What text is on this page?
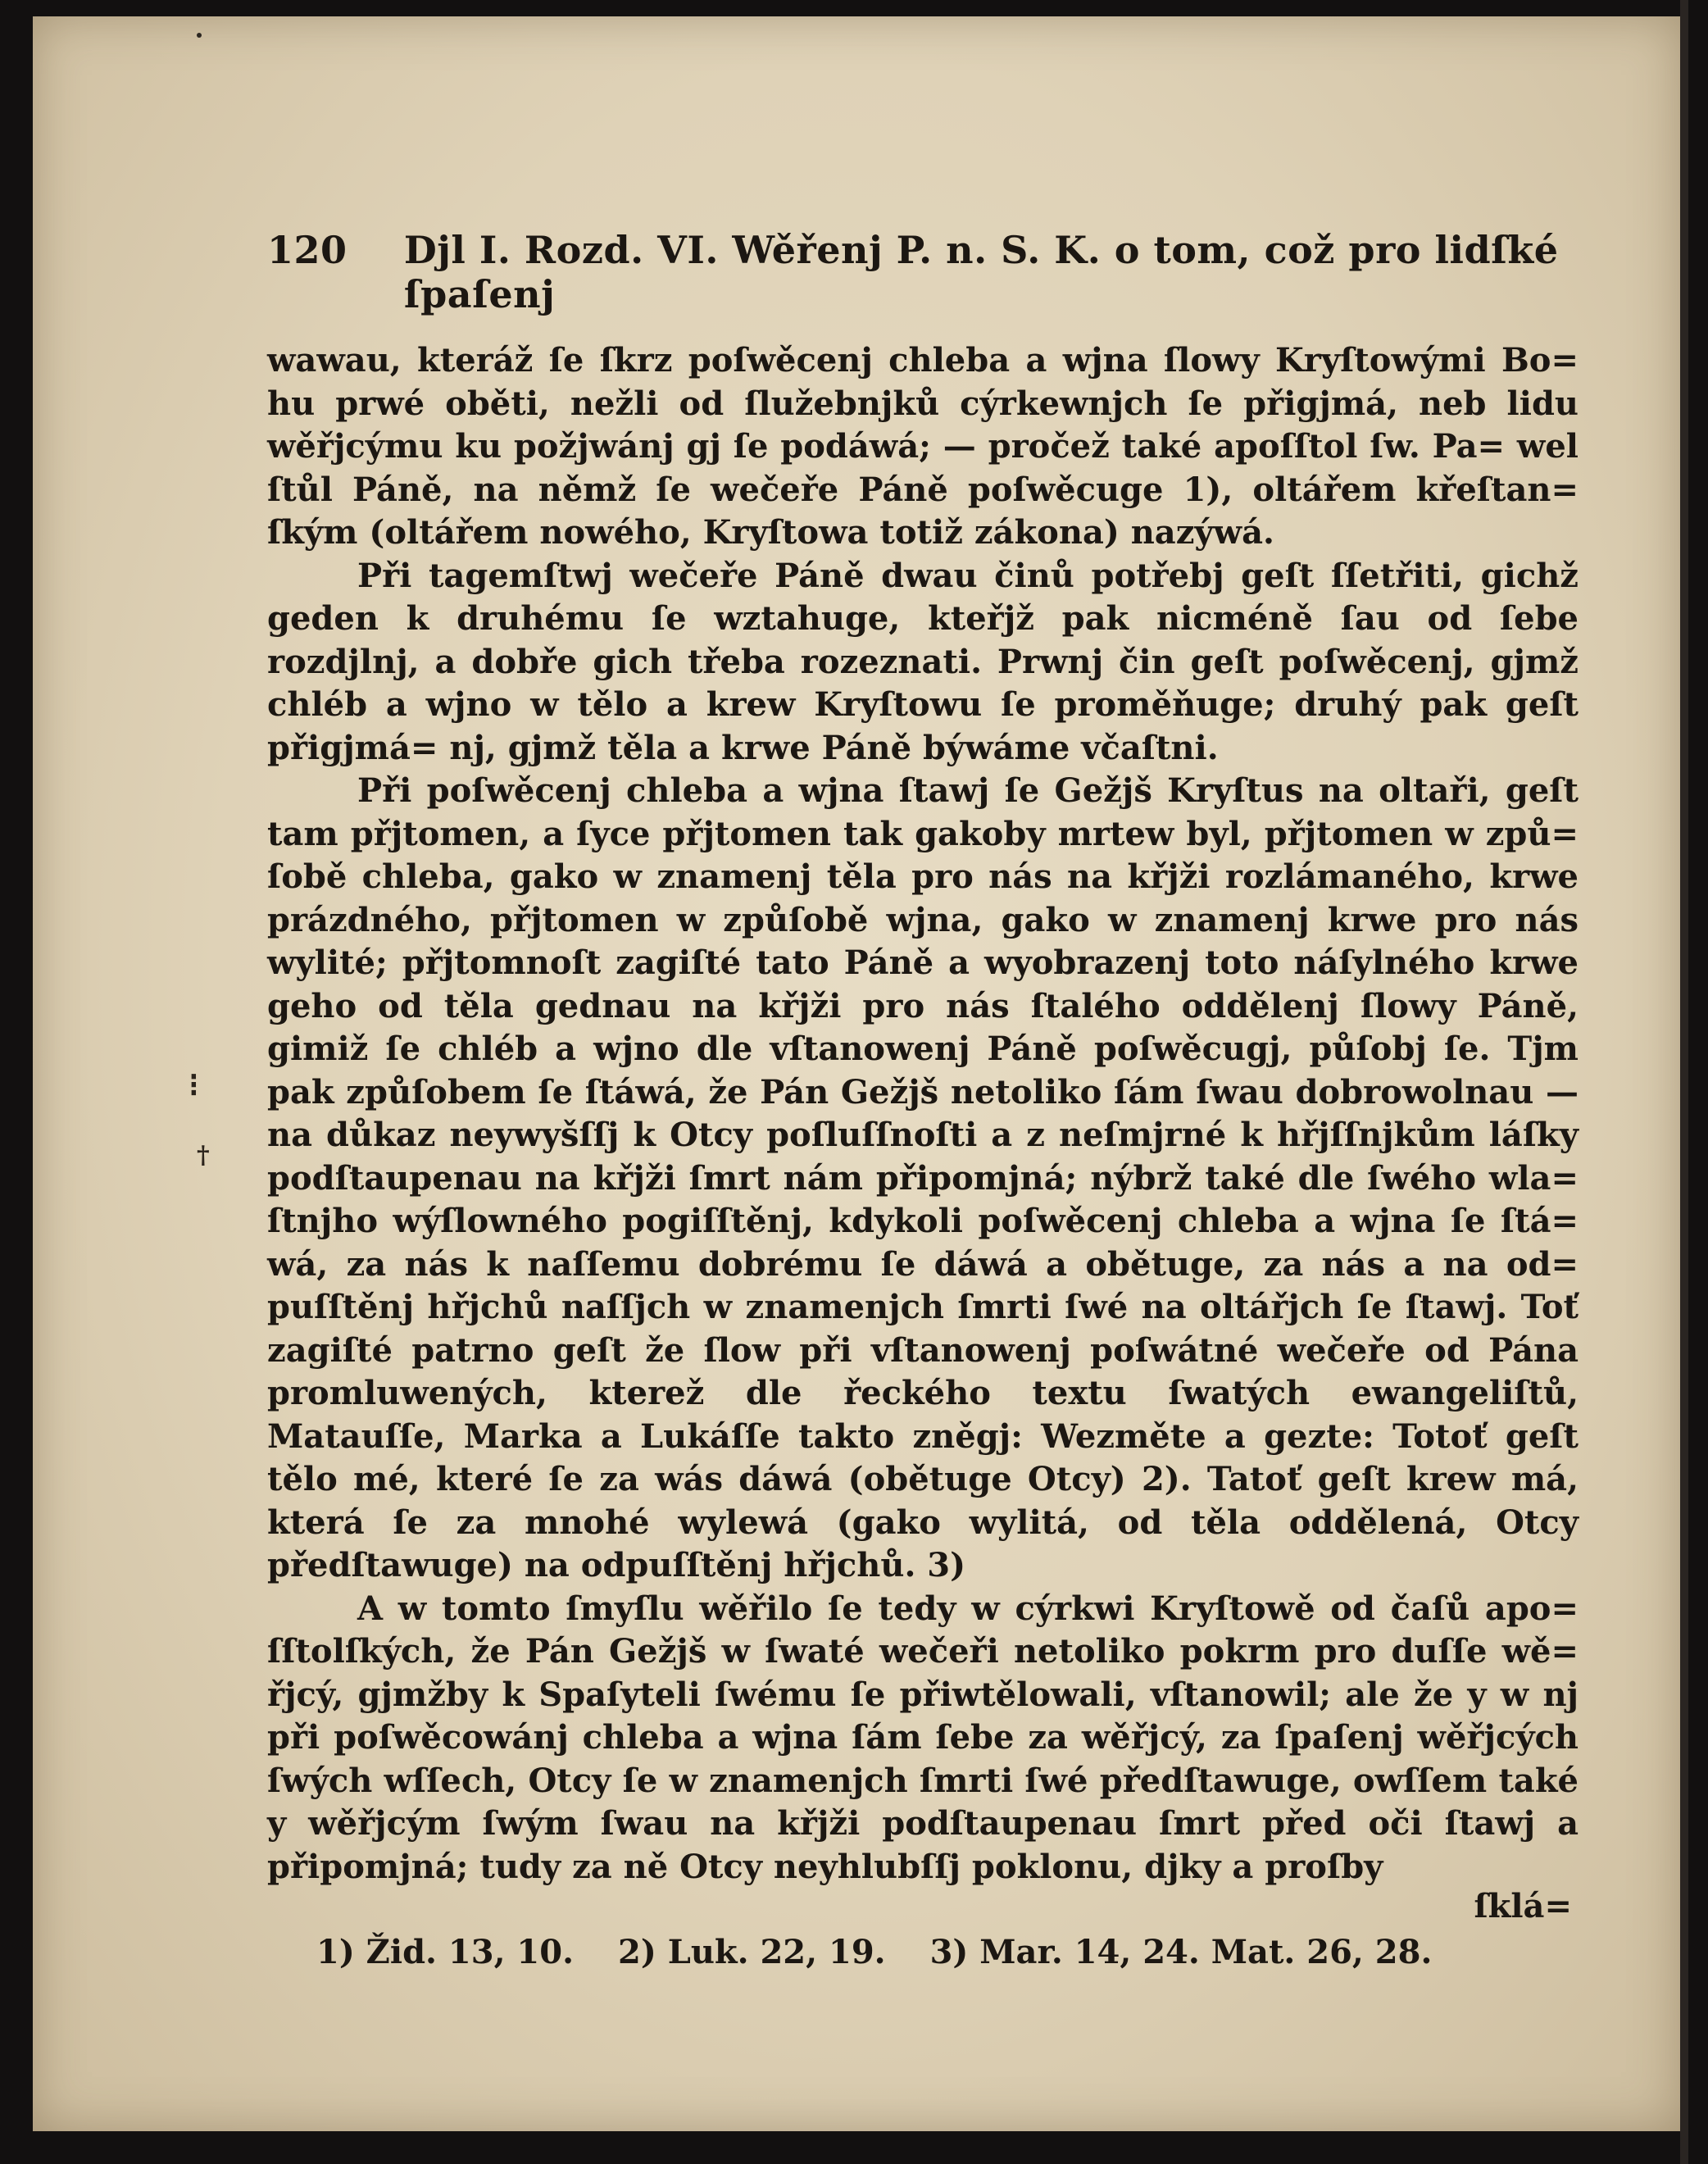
⁝
†
120 Djl I. Rozd. VI. Wěřenj P. n. S. K. o tom, což pro lidſké ſpaſenj

wawau, kteráž ſe ſkrz poſwěcenj chleba a wjna ſlowy Kryſtowými Bo= hu prwé oběti, nežli od ſlužebnjků cýrkewnjch ſe přigjmá, neb lidu wěřjcýmu ku požjwánj gj ſe podáwá; — pročež také apoſſtol ſw. Pa= wel ſtůl Páně, na němž ſe wečeře Páně poſwěcuge 1), oltářem křeſtan= ſkým (oltářem nowého, Kryſtowa totiž zákona) nazýwá.

Při tagemſtwj wečeře Páně dwau činů potřebj geſt ſſetřiti, gichž geden k druhému ſe wztahuge, kteřjž pak nicméně ſau od ſebe rozdjlnj, a dobře gich třeba rozeznati. Prwnj čin geſt poſwěcenj, gjmž chléb a wjno w tělo a krew Kryſtowu ſe proměňuge; druhý pak geſt přigjmá= nj, gjmž těla a krwe Páně býwáme včaſtni.

Při poſwěcenj chleba a wjna ſtawj ſe Gežjš Kryſtus na oltaři, geſt tam přjtomen, a ſyce přjtomen tak gakoby mrtew byl, přjtomen w způ= ſobě chleba, gako w znamenj těla pro nás na křjži rozlámaného, krwe prázdného, přjtomen w způſobě wjna, gako w znamenj krwe pro nás wylité; přjtomnoſt zagiſté tato Páně a wyobrazenj toto náſylného krwe geho od těla gednau na křjži pro nás ſtalého oddělenj ſlowy Páně, gimiž ſe chléb a wjno dle vſtanowenj Páně poſwěcugj, půſobj ſe. Tjm pak způſobem ſe ſtáwá, že Pán Gežjš netoliko ſám ſwau dobrowolnau — na důkaz neywyšſſj k Otcy poſluſſnoſti a z neſmjrné k hřjſſnjkům láſky podſtaupenau na křjži ſmrt nám připomjná; nýbrž také dle ſwého wla= ſtnjho wýſlowného pogiſſtěnj, kdykoli poſwěcenj chleba a wjna ſe ſtá= wá, za nás k naſſemu dobrému ſe dáwá a obětuge, za nás a na od= puſſtěnj hřjchů naſſjch w znamenjch ſmrti ſwé na oltářjch ſe ſtawj. Toť zagiſté patrno geſt že ſlow při vſtanowenj poſwátné wečeře od Pána promluwených, kterež dle řeckého textu ſwatých ewangeliſtů, Matauſſe, Marka a Lukáſſe takto zněgj: Wezměte a gezte: Totoť geſt tělo mé, které ſe za wás dáwá (obětuge Otcy) 2). Tatoť geſt krew má, která ſe za mnohé wylewá (gako wylitá, od těla oddělená, Otcy předſtawuge) na odpuſſtěnj hřjchů. 3)

A w tomto ſmyſlu wěřilo ſe tedy w cýrkwi Kryſtowě od čaſů apo= ſſtolſkých, že Pán Gežjš w ſwaté wečeři netoliko pokrm pro duſſe wě= řjcý, gjmžby k Spaſyteli ſwému ſe přiwtělowali, vſtanowil; ale že y w nj při poſwěcowánj chleba a wjna ſám ſebe za wěřjcý, za ſpaſenj wěřjcých ſwých wſſech, Otcy ſe w znamenjch ſmrti ſwé předſtawuge, owſſem také y wěřjcým ſwým ſwau na křjži podſtaupenau ſmrt před oči ſtawj a připomjná; tudy za ně Otcy neyhlubſſj poklonu, djky a proſby

ſklá=
1) Žid. 13, 10. 2) Luk. 22, 19. 3) Mar. 14, 24. Mat. 26, 28.
